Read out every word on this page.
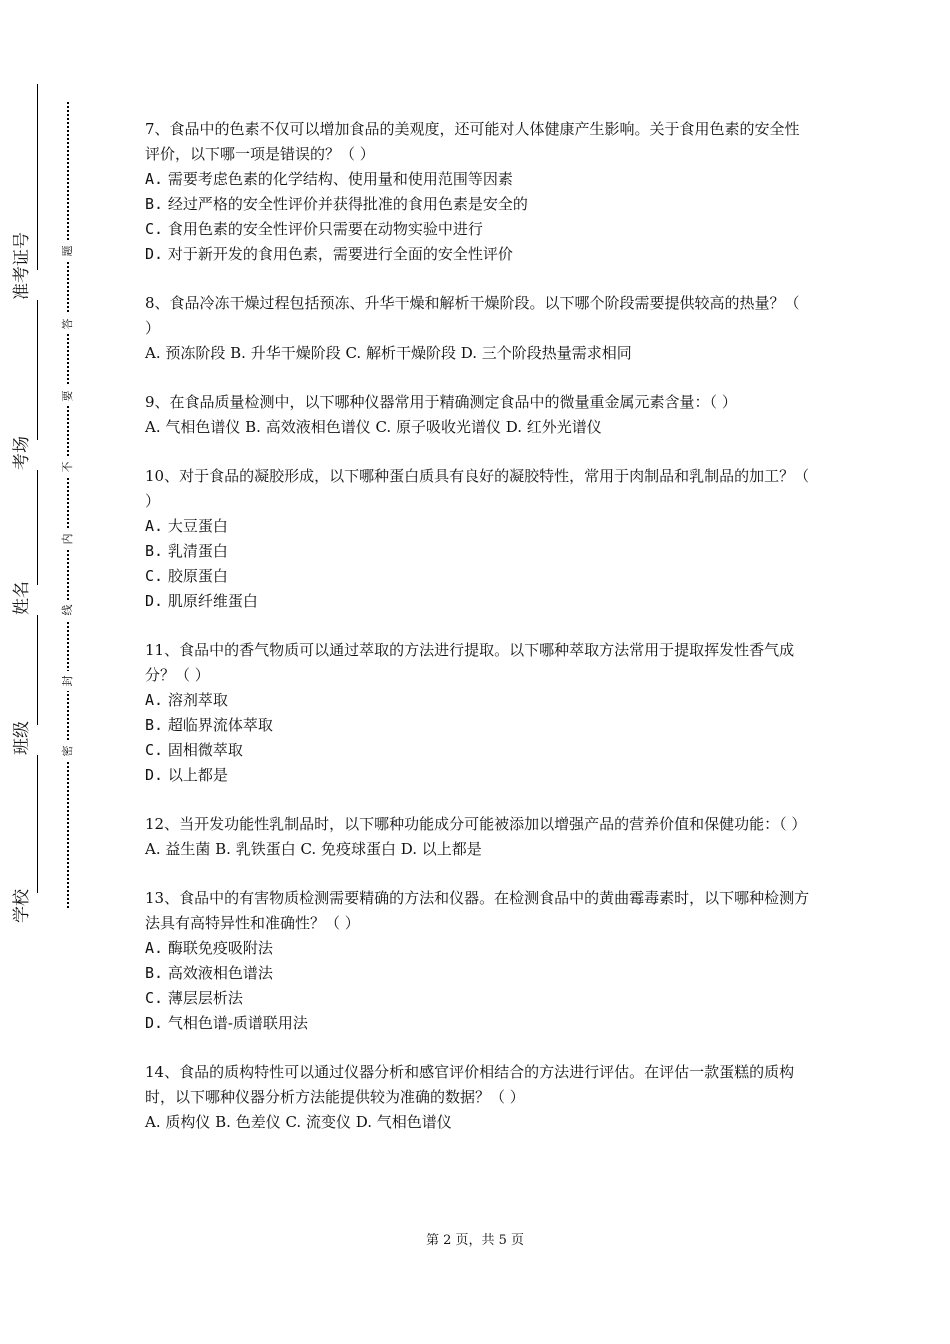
准考证号
考场
姓名
班级
学校
题
答
要
不
内
线
封
密

7、食品中的色素不仅可以增加食品的美观度，还可能对人体健康产生影响。关于食用色素的安全性评价，以下哪一项是错误的？（ ）

A. 需要考虑色素的化学结构、使用量和使用范围等因素

B. 经过严格的安全性评价并获得批准的食用色素是安全的

C. 食用色素的安全性评价只需要在动物实验中进行

D. 对于新开发的食用色素，需要进行全面的安全性评价

8、食品冷冻干燥过程包括预冻、升华干燥和解析干燥阶段。以下哪个阶段需要提供较高的热量？（ ）

A. 预冻阶段 B. 升华干燥阶段 C. 解析干燥阶段 D. 三个阶段热量需求相同

9、在食品质量检测中，以下哪种仪器常用于精确测定食品中的微量重金属元素含量：（ ）

A. 气相色谱仪 B. 高效液相色谱仪 C. 原子吸收光谱仪 D. 红外光谱仪

10、对于食品的凝胶形成，以下哪种蛋白质具有良好的凝胶特性，常用于肉制品和乳制品的加工？（ ）

A. 大豆蛋白

B. 乳清蛋白

C. 胶原蛋白

D. 肌原纤维蛋白

11、食品中的香气物质可以通过萃取的方法进行提取。以下哪种萃取方法常用于提取挥发性香气成分？（ ）

A. 溶剂萃取

B. 超临界流体萃取

C. 固相微萃取

D. 以上都是

12、当开发功能性乳制品时，以下哪种功能成分可能被添加以增强产品的营养价值和保健功能：（ ）

A. 益生菌 B. 乳铁蛋白 C. 免疫球蛋白 D. 以上都是

13、食品中的有害物质检测需要精确的方法和仪器。在检测食品中的黄曲霉毒素时，以下哪种检测方法具有高特异性和准确性？（ ）

A. 酶联免疫吸附法

B. 高效液相色谱法

C. 薄层层析法

D. 气相色谱-质谱联用法

14、食品的质构特性可以通过仪器分析和感官评价相结合的方法进行评估。在评估一款蛋糕的质构时，以下哪种仪器分析方法能提供较为准确的数据？（ ）

A. 质构仪 B. 色差仪 C. 流变仪 D. 气相色谱仪

第 2 页，共 5 页
